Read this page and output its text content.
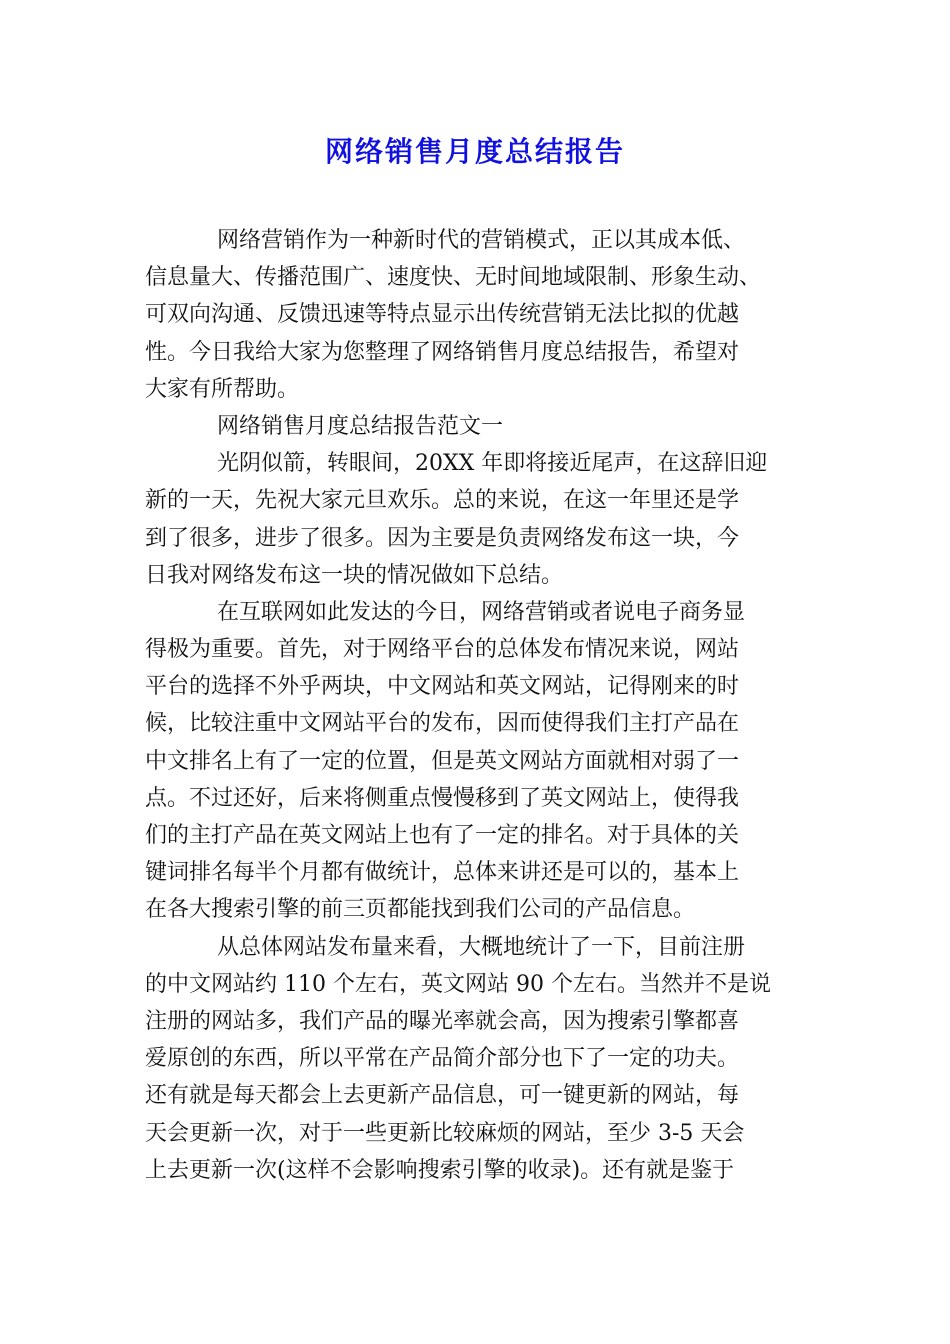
网络销售月度总结报告
网络营销作为一种新时代的营销模式，正以其成本低、
信息量大、传播范围广、速度快、无时间地域限制、形象生动、
可双向沟通、反馈迅速等特点显示出传统营销无法比拟的优越
性。今日我给大家为您整理了网络销售月度总结报告，希望对
大家有所帮助。
网络销售月度总结报告范文一
光阴似箭，转眼间，20XX 年即将接近尾声，在这辞旧迎
新的一天，先祝大家元旦欢乐。总的来说，在这一年里还是学
到了很多，进步了很多。因为主要是负责网络发布这一块，今
日我对网络发布这一块的情况做如下总结。
在互联网如此发达的今日，网络营销或者说电子商务显
得极为重要。首先，对于网络平台的总体发布情况来说，网站
平台的选择不外乎两块，中文网站和英文网站，记得刚来的时
候，比较注重中文网站平台的发布，因而使得我们主打产品在
中文排名上有了一定的位置，但是英文网站方面就相对弱了一
点。不过还好，后来将侧重点慢慢移到了英文网站上，使得我
们的主打产品在英文网站上也有了一定的排名。对于具体的关
键词排名每半个月都有做统计，总体来讲还是可以的，基本上
在各大搜索引擎的前三页都能找到我们公司的产品信息。
从总体网站发布量来看，大概地统计了一下，目前注册
的中文网站约 110 个左右，英文网站 90 个左右。当然并不是说
注册的网站多，我们产品的曝光率就会高，因为搜索引擎都喜
爱原创的东西，所以平常在产品简介部分也下了一定的功夫。
还有就是每天都会上去更新产品信息，可一键更新的网站，每
天会更新一次，对于一些更新比较麻烦的网站，至少 3-5 天会
上去更新一次(这样不会影响搜索引擎的收录)。还有就是鉴于
